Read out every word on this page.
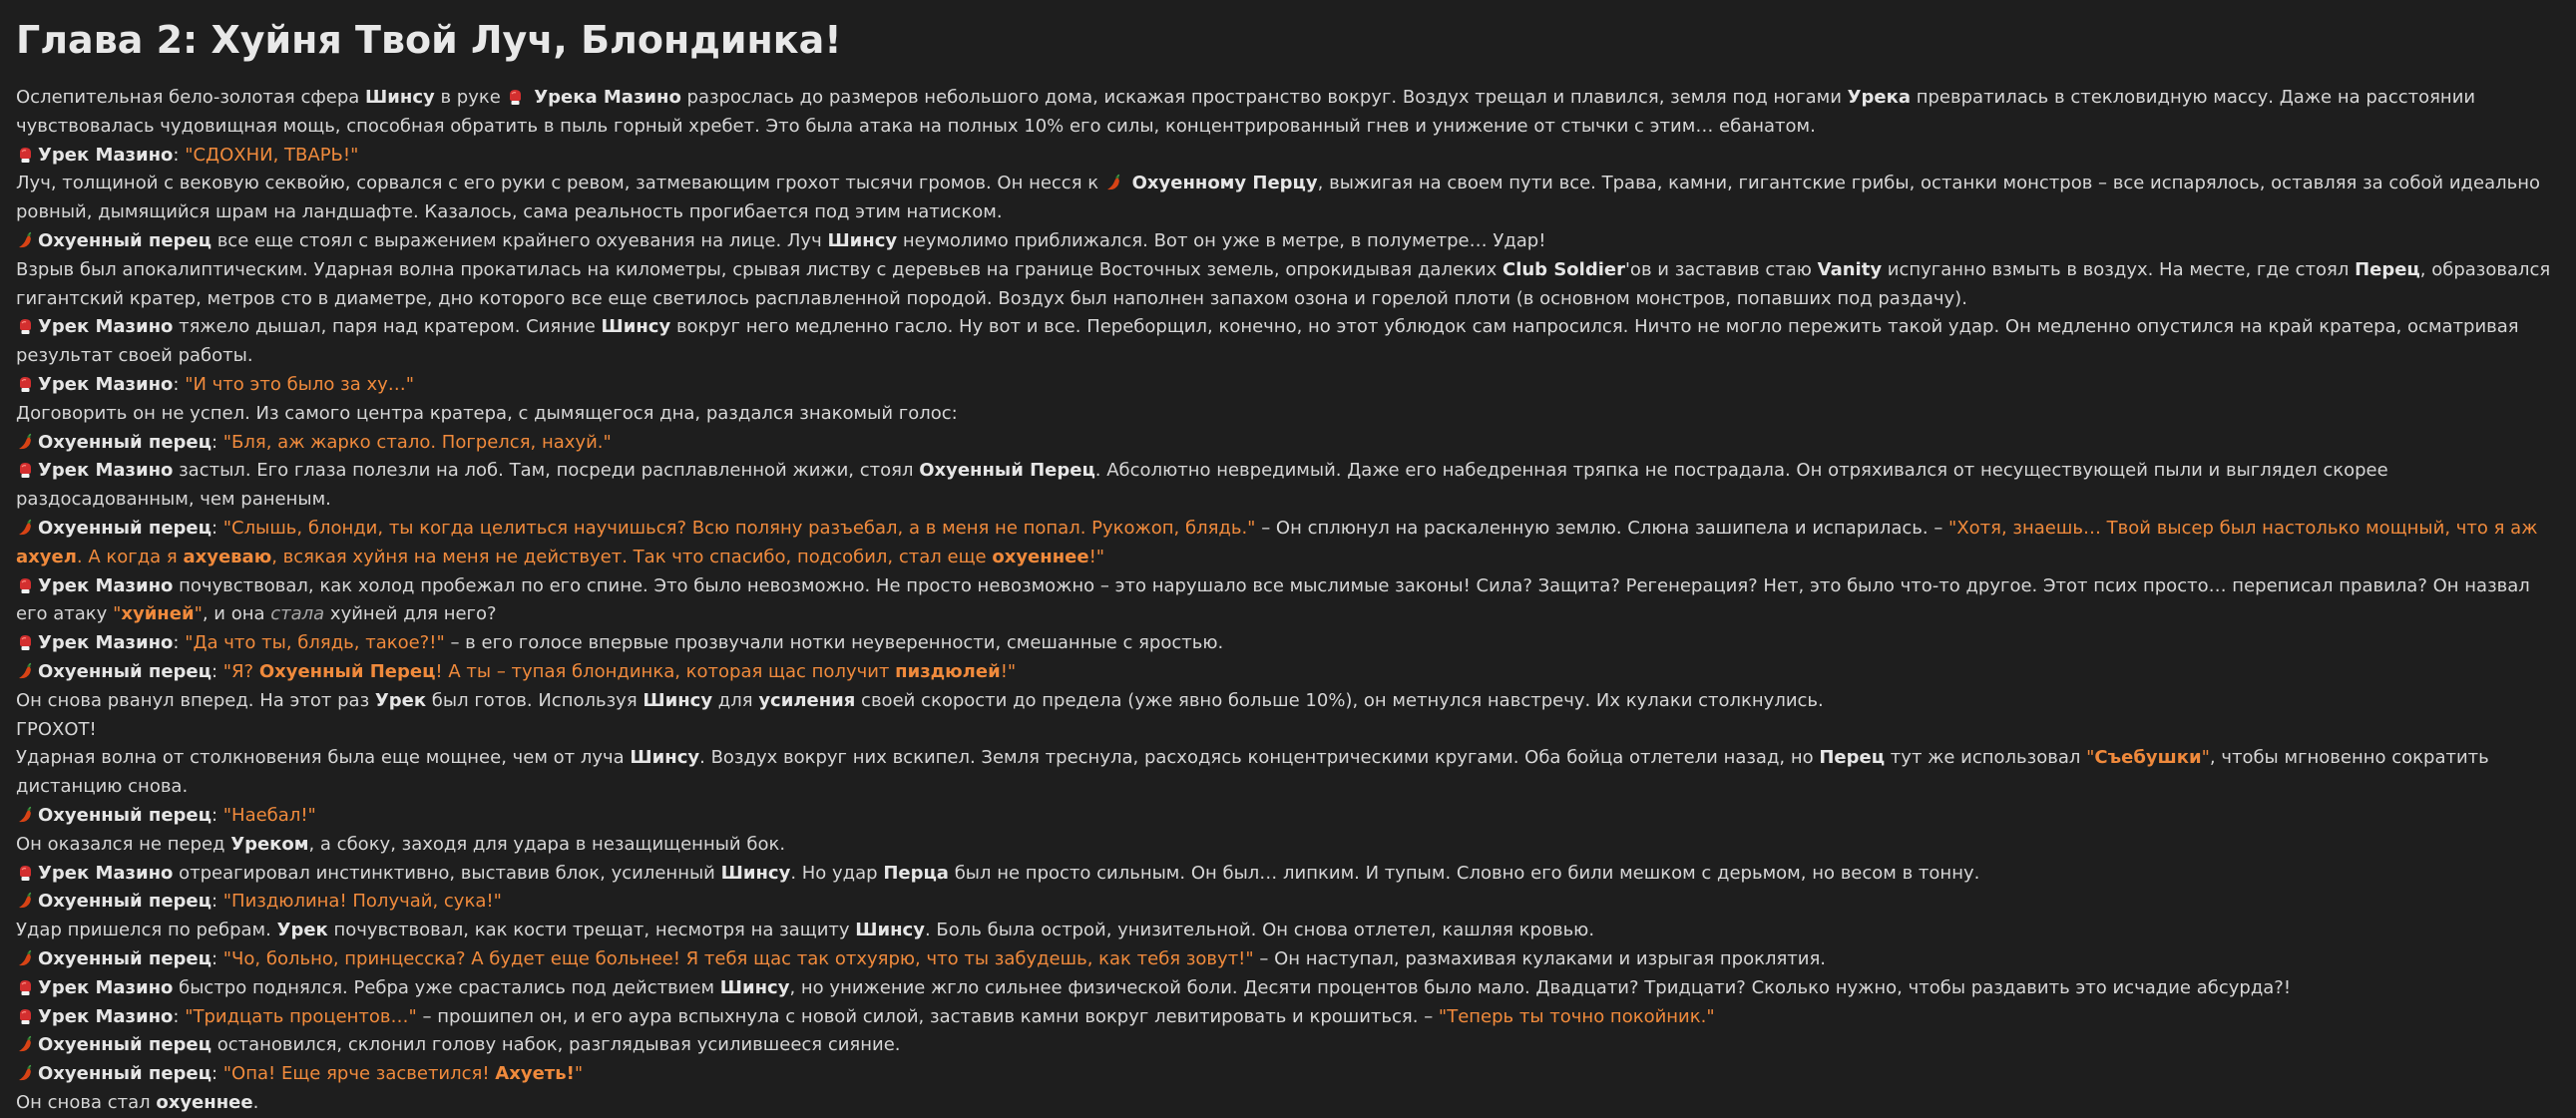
Глава 2: Хуйня Твой Луч, Блондинка!

Ослепительная бело-золотая сфера Шинсу в руке  Урека Мазино разрослась до размеров небольшого дома, искажая пространство вокруг. Воздух трещал и плавился, земля под ногами Урека превратилась в стекловидную массу. Даже на расстоянии чувствовалась чудовищная мощь, способная обратить в пыль горный хребет. Это была атака на полных 10% его силы, концентрированный гнев и унижение от стычки с этим… ебанатом.

Урек Мазино: "СДОХНИ, ТВАРЬ!"

Луч, толщиной с вековую секвойю, сорвался с его руки с ревом, затмевающим грохот тысячи громов. Он несся к  Охуенному Перцу, выжигая на своем пути все. Трава, камни, гигантские грибы, останки монстров – все испарялось, оставляя за собой идеально ровный, дымящийся шрам на ландшафте. Казалось, сама реальность прогибается под этим натиском.

Охуенный перец все еще стоял с выражением крайнего охуевания на лице. Луч Шинсу неумолимо приближался. Вот он уже в метре, в полуметре… Удар!

Взрыв был апокалиптическим. Ударная волна прокатилась на километры, срывая листву с деревьев на границе Восточных земель, опрокидывая далеких Club Soldier'ов и заставив стаю Vanity испуганно взмыть в воздух. На месте, где стоял Перец, образовался гигантский кратер, метров сто в диаметре, дно которого все еще светилось расплавленной породой. Воздух был наполнен запахом озона и горелой плоти (в основном монстров, попавших под раздачу).

Урек Мазино тяжело дышал, паря над кратером. Сияние Шинсу вокруг него медленно гасло. Ну вот и все. Переборщил, конечно, но этот ублюдок сам напросился. Ничто не могло пережить такой удар. Он медленно опустился на край кратера, осматривая результат своей работы.

Урек Мазино: "И что это было за ху…"

Договорить он не успел. Из самого центра кратера, с дымящегося дна, раздался знакомый голос:

Охуенный перец: "Бля, аж жарко стало. Погрелся, нахуй."

Урек Мазино застыл. Его глаза полезли на лоб. Там, посреди расплавленной жижи, стоял Охуенный Перец. Абсолютно невредимый. Даже его набедренная тряпка не пострадала. Он отряхивался от несуществующей пыли и выглядел скорее раздосадованным, чем раненым.

Охуенный перец: "Слышь, блонди, ты когда целиться научишься? Всю поляну разъебал, а в меня не попал. Рукожоп, блядь." – Он сплюнул на раскаленную землю. Слюна зашипела и испарилась. – "Хотя, знаешь… Твой высер был настолько мощный, что я аж ахуел. А когда я ахуеваю, всякая хуйня на меня не действует. Так что спасибо, подсобил, стал еще охуеннее!"

Урек Мазино почувствовал, как холод пробежал по его спине. Это было невозможно. Не просто невозможно – это нарушало все мыслимые законы! Сила? Защита? Регенерация? Нет, это было что-то другое. Этот псих просто… переписал правила? Он назвал его атаку "хуйней", и она стала хуйней для него?

Урек Мазино: "Да что ты, блядь, такое?!" – в его голосе впервые прозвучали нотки неуверенности, смешанные с яростью.

Охуенный перец: "Я? Охуенный Перец! А ты – тупая блондинка, которая щас получит пиздюлей!"

Он снова рванул вперед. На этот раз Урек был готов. Используя Шинсу для усиления своей скорости до предела (уже явно больше 10%), он метнулся навстречу. Их кулаки столкнулись.

ГРОХОТ!

Ударная волна от столкновения была еще мощнее, чем от луча Шинсу. Воздух вокруг них вскипел. Земля треснула, расходясь концентрическими кругами. Оба бойца отлетели назад, но Перец тут же использовал "Съебушки", чтобы мгновенно сократить дистанцию снова.

Охуенный перец: "Наебал!"

Он оказался не перед Уреком, а сбоку, заходя для удара в незащищенный бок.

Урек Мазино отреагировал инстинктивно, выставив блок, усиленный Шинсу. Но удар Перца был не просто сильным. Он был… липким. И тупым. Словно его били мешком с дерьмом, но весом в тонну.

Охуенный перец: "Пиздюлина! Получай, сука!"

Удар пришелся по ребрам. Урек почувствовал, как кости трещат, несмотря на защиту Шинсу. Боль была острой, унизительной. Он снова отлетел, кашляя кровью.

Охуенный перец: "Чо, больно, принцесска? А будет еще больнее! Я тебя щас так отхуярю, что ты забудешь, как тебя зовут!" – Он наступал, размахивая кулаками и изрыгая проклятия.

Урек Мазино быстро поднялся. Ребра уже срастались под действием Шинсу, но унижение жгло сильнее физической боли. Десяти процентов было мало. Двадцати? Тридцати? Сколько нужно, чтобы раздавить это исчадие абсурда?!

Урек Мазино: "Тридцать процентов…" – прошипел он, и его аура вспыхнула с новой силой, заставив камни вокруг левитировать и крошиться. – "Теперь ты точно покойник."

Охуенный перец остановился, склонил голову набок, разглядывая усилившееся сияние.

Охуенный перец: "Опа! Еще ярче засветился! Ахуеть!"

Он снова стал охуеннее.
